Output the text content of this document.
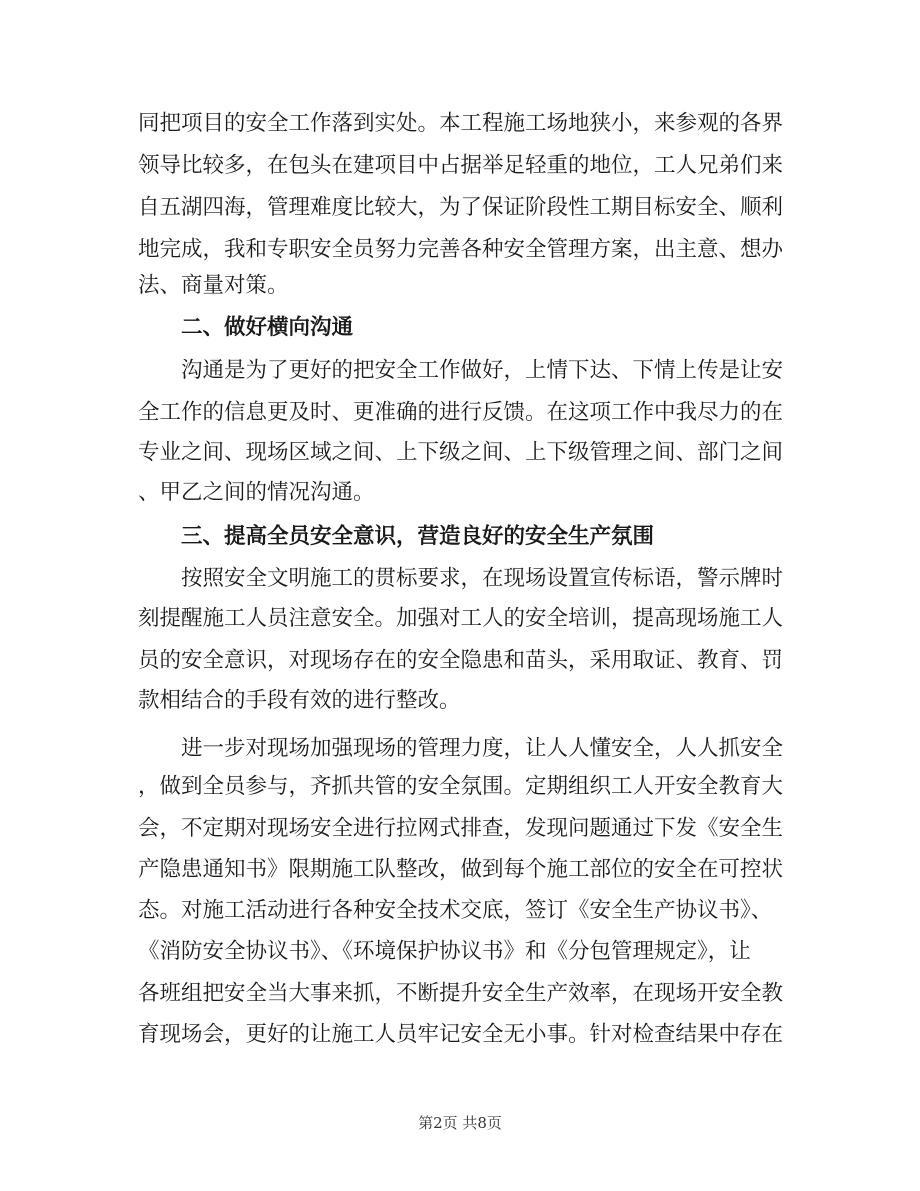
同把项目的安全工作落到实处。本工程施工场地狭小，来参观的各界
领导比较多，在包头在建项目中占据举足轻重的地位，工人兄弟们来
自五湖四海，管理难度比较大，为了保证阶段性工期目标安全、顺利
地完成，我和专职安全员努力完善各种安全管理方案，出主意、想办
法、商量对策。
二、做好横向沟通
沟通是为了更好的把安全工作做好，上情下达、下情上传是让安
全工作的信息更及时、更准确的进行反馈。在这项工作中我尽力的在
专业之间、现场区域之间、上下级之间、上下级管理之间、部门之间
、甲乙之间的情况沟通。
三、提高全员安全意识，营造良好的安全生产氛围
按照安全文明施工的贯标要求，在现场设置宣传标语，警示牌时
刻提醒施工人员注意安全。加强对工人的安全培训，提高现场施工人
员的安全意识，对现场存在的安全隐患和苗头，采用取证、教育、罚
款相结合的手段有效的进行整改。
进一步对现场加强现场的管理力度，让人人懂安全，人人抓安全
，做到全员参与，齐抓共管的安全氛围。定期组织工人开安全教育大
会，不定期对现场安全进行拉网式排查，发现问题通过下发《安全生
产隐患通知书》限期施工队整改，做到每个施工部位的安全在可控状
态。对施工活动进行各种安全技术交底，签订《安全生产协议书》、
《消防安全协议书》、《环境保护协议书》和《分包管理规定》，让
各班组把安全当大事来抓，不断提升安全生产效率，在现场开安全教
育现场会，更好的让施工人员牢记安全无小事。针对检查结果中存在
第2页 共8页
